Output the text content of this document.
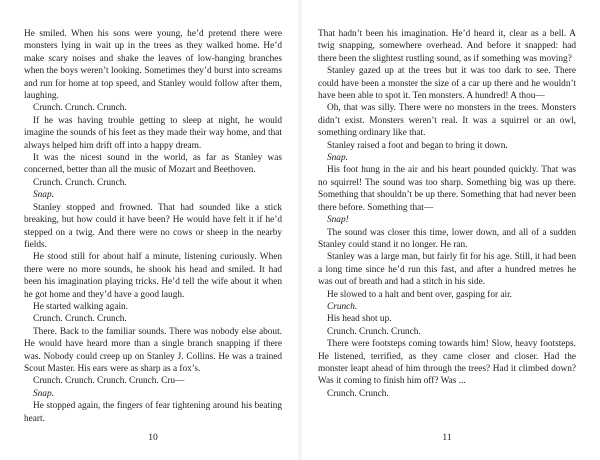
He smiled. When his sons were young, he’d pretend there were monsters lying in wait up in the trees as they walked home. He’d make scary noises and shake the leaves of low-hanging branches when the boys weren’t looking. Sometimes they’d burst into screams and run for home at top speed, and Stanley would follow after them, laughing.

Crunch. Crunch. Crunch.

If he was having trouble getting to sleep at night, he would imagine the sounds of his feet as they made their way home, and that always helped him drift off into a happy dream.

It was the nicest sound in the world, as far as Stanley was concerned, better than all the music of Mozart and Beethoven.

Crunch. Crunch. Crunch.

Snap.

Stanley stopped and frowned. That had sounded like a stick breaking, but how could it have been? He would have felt it if he’d stepped on a twig. And there were no cows or sheep in the nearby fields.

He stood still for about half a minute, listening curiously. When there were no more sounds, he shook his head and smiled. It had been his imagination playing tricks. He’d tell the wife about it when he got home and they’d have a good laugh.

He started walking again.

Crunch. Crunch. Crunch.

There. Back to the familiar sounds. There was nobody else about. He would have heard more than a single branch snapping if there was. Nobody could creep up on Stanley J. Collins. He was a trained Scout Master. His ears were as sharp as a fox’s.

Crunch. Crunch. Crunch. Crunch. Cru—

Snap.

He stopped again, the fingers of fear tightening around his beating heart.

10

That hadn’t been his imagination. He’d heard it, clear as a bell. A twig snapping, somewhere overhead. And before it snapped: had there been the slightest rustling sound, as if something was moving?

Stanley gazed up at the trees but it was too dark to see. There could have been a monster the size of a car up there and he wouldn’t have been able to spot it. Ten monsters. A hundred! A thou—

Oh, that was silly. There were no monsters in the trees. Monsters didn’t exist. Monsters weren’t real. It was a squirrel or an owl, something ordinary like that.

Stanley raised a foot and began to bring it down.

Snap.

His foot hung in the air and his heart pounded quickly. That was no squirrel! The sound was too sharp. Something big was up there. Something that shouldn’t be up there. Something that had never been there before. Something that—

Snap!

The sound was closer this time, lower down, and all of a sudden Stanley could stand it no longer. He ran.

Stanley was a large man, but fairly fit for his age. Still, it had been a long time since he’d run this fast, and after a hundred metres he was out of breath and had a stitch in his side.

He slowed to a halt and bent over, gasping for air.

Crunch.

His head shot up.

Crunch. Crunch. Crunch.

There were footsteps coming towards him! Slow, heavy footsteps. He listened, terrified, as they came closer and closer. Had the monster leapt ahead of him through the trees? Had it climbed down? Was it coming to finish him off? Was ...

Crunch. Crunch.

11
